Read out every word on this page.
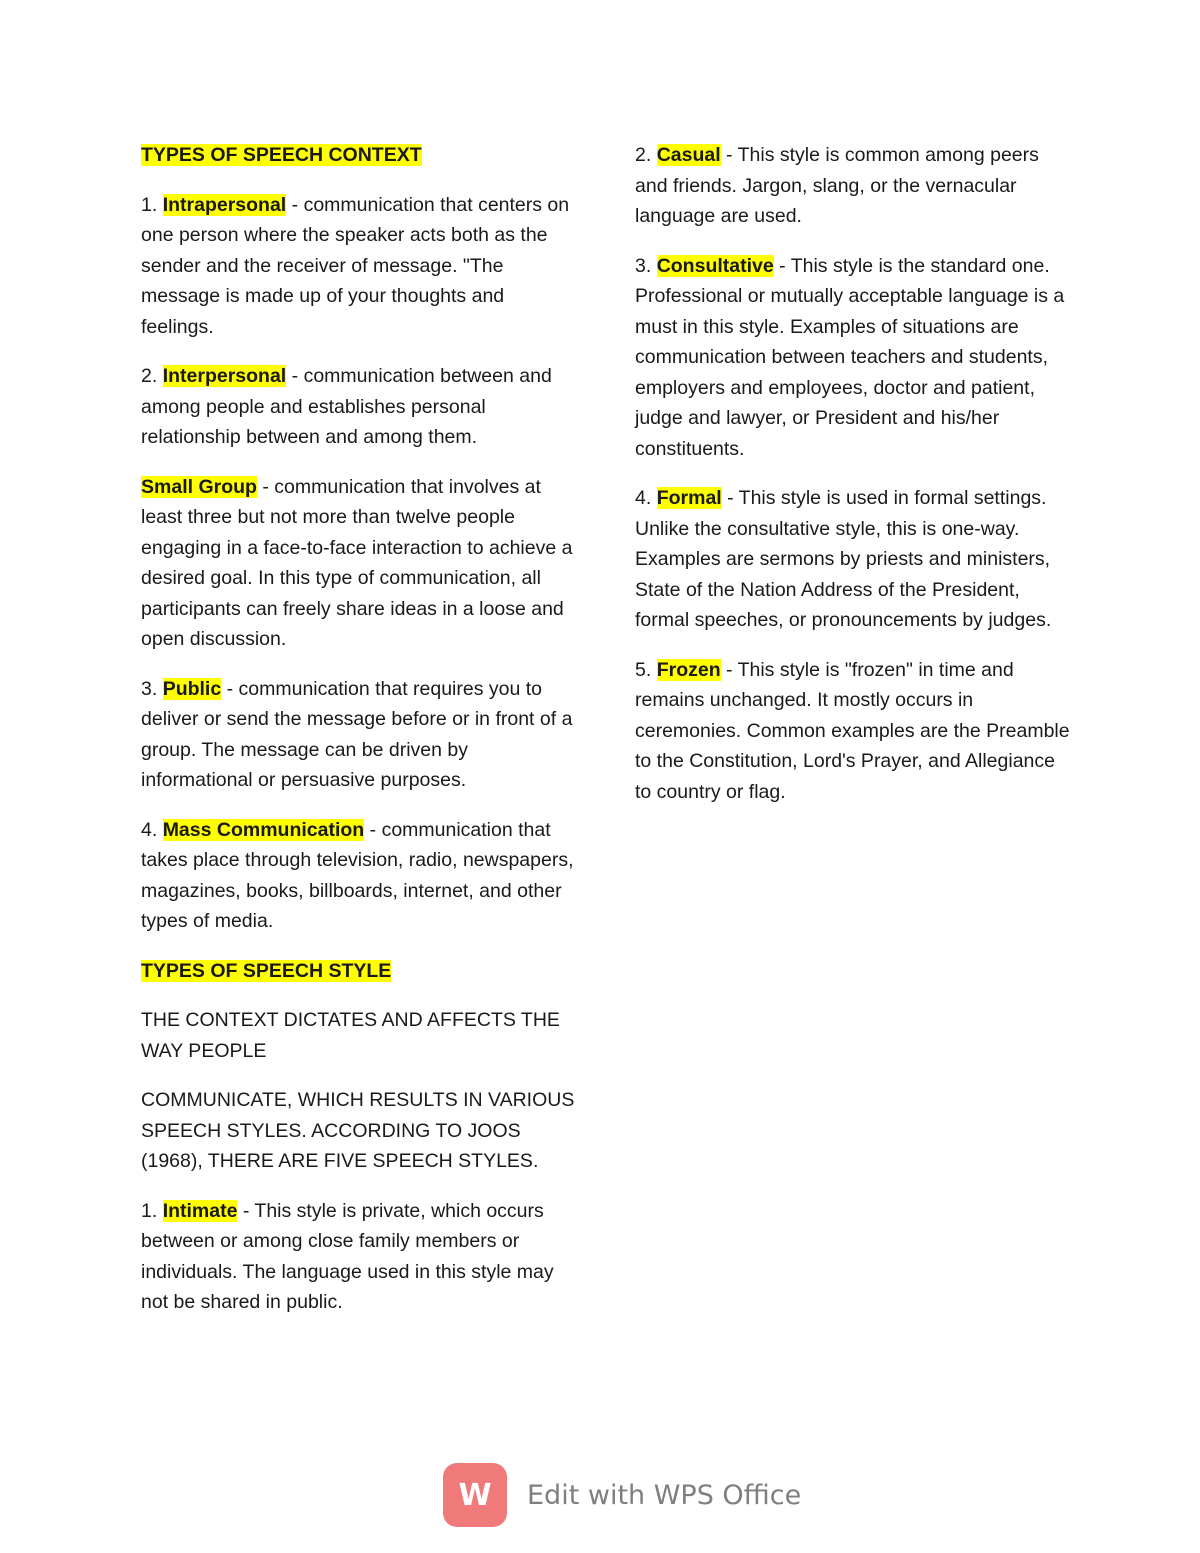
TYPES OF SPEECH CONTEXT

1. Intrapersonal - communication that centers on one person where the speaker acts both as the sender and the receiver of message. "The message is made up of your thoughts and feelings.

2. Interpersonal - communication between and among people and establishes personal relationship between and among them.

Small Group - communication that involves at least three but not more than twelve people engaging in a face-to-face interaction to achieve a desired goal. In this type of communication, all participants can freely share ideas in a loose and open discussion.

3. Public - communication that requires you to deliver or send the message before or in front of a group. The message can be driven by informational or persuasive purposes.

4. Mass Communication - communication that takes place through television, radio, newspapers, magazines, books, billboards, internet, and other types of media.

TYPES OF SPEECH STYLE

THE CONTEXT DICTATES AND AFFECTS THE WAY PEOPLE

COMMUNICATE, WHICH RESULTS IN VARIOUS SPEECH STYLES. ACCORDING TO JOOS (1968), THERE ARE FIVE SPEECH STYLES.

1. Intimate - This style is private, which occurs between or among close family members or individuals. The language used in this style may not be shared in public.

2. Casual - This style is common among peers and friends. Jargon, slang, or the vernacular language are used.

3. Consultative - This style is the standard one. Professional or mutually acceptable language is a must in this style. Examples of situations are communication between teachers and students, employers and employees, doctor and patient, judge and lawyer, or President and his/her constituents.

4. Formal - This style is used in formal settings. Unlike the consultative style, this is one-way. Examples are sermons by priests and ministers, State of the Nation Address of the President, formal speeches, or pronouncements by judges.

5. Frozen - This style is "frozen" in time and remains unchanged. It mostly occurs in ceremonies. Common examples are the Preamble to the Constitution, Lord's Prayer, and Allegiance to country or flag.

W	Edit with WPS Office
